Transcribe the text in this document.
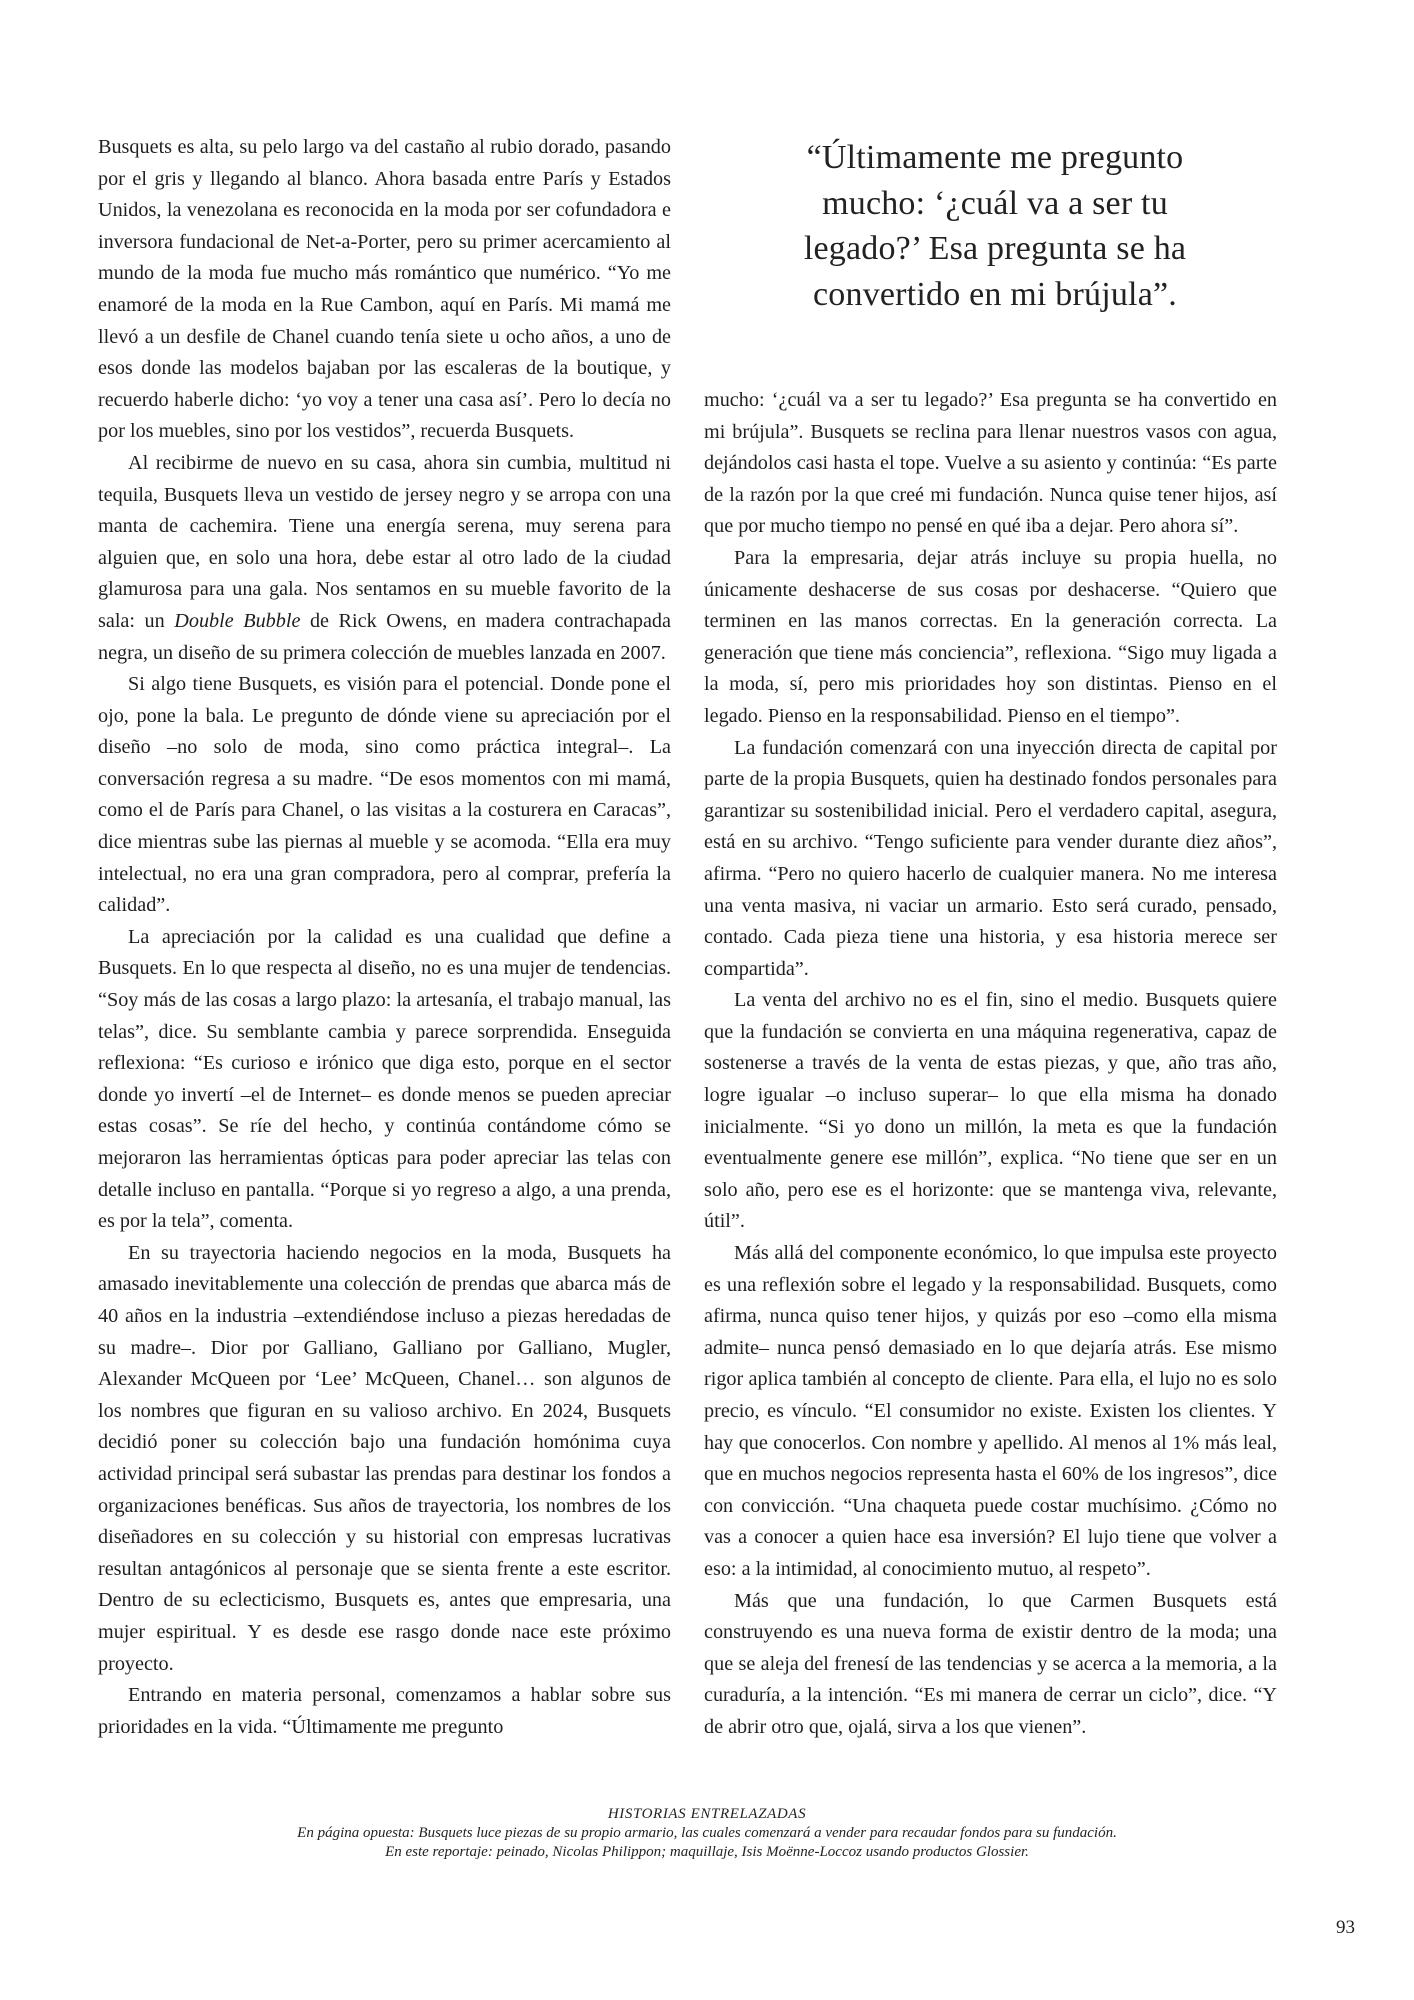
Busquets es alta, su pelo largo va del castaño al rubio dorado, pasando por el gris y llegando al blanco. Ahora basada entre París y Estados Unidos, la venezolana es reconocida en la moda por ser cofundadora e inversora fundacional de Net-a-Porter, pero su primer acercamiento al mundo de la moda fue mucho más romántico que numérico. “Yo me enamoré de la moda en la Rue Cambon, aquí en París. Mi mamá me llevó a un desfile de Chanel cuando tenía siete u ocho años, a uno de esos donde las modelos bajaban por las escaleras de la boutique, y recuerdo haberle dicho: ‘yo voy a tener una casa así’. Pero lo decía no por los muebles, sino por los vestidos”, recuerda Busquets.

Al recibirme de nuevo en su casa, ahora sin cumbia, multitud ni tequila, Busquets lleva un vestido de jersey negro y se arropa con una manta de cachemira. Tiene una energía serena, muy serena para alguien que, en solo una hora, debe estar al otro lado de la ciudad glamurosa para una gala. Nos sentamos en su mueble favorito de la sala: un Double Bubble de Rick Owens, en madera contrachapada negra, un diseño de su primera colección de muebles lanzada en 2007.

Si algo tiene Busquets, es visión para el potencial. Donde pone el ojo, pone la bala. Le pregunto de dónde viene su apreciación por el diseño –no solo de moda, sino como práctica integral–. La conversación regresa a su madre. “De esos momentos con mi mamá, como el de París para Chanel, o las visitas a la costurera en Caracas”, dice mientras sube las piernas al mueble y se acomoda. “Ella era muy intelectual, no era una gran compradora, pero al comprar, prefería la calidad”.

La apreciación por la calidad es una cualidad que define a Busquets. En lo que respecta al diseño, no es una mujer de tendencias. “Soy más de las cosas a largo plazo: la artesanía, el trabajo manual, las telas”, dice. Su semblante cambia y parece sorprendida. Enseguida reflexiona: “Es curioso e irónico que diga esto, porque en el sector donde yo invertí –el de Internet– es donde menos se pueden apreciar estas cosas”. Se ríe del hecho, y continúa contándome cómo se mejoraron las herramientas ópticas para poder apreciar las telas con detalle incluso en pantalla. “Porque si yo regreso a algo, a una prenda, es por la tela”, comenta.

En su trayectoria haciendo negocios en la moda, Busquets ha amasado inevitablemente una colección de prendas que abarca más de 40 años en la industria –extendiéndose incluso a piezas heredadas de su madre–. Dior por Galliano, Galliano por Galliano, Mugler, Alexander McQueen por ‘Lee’ McQueen, Chanel… son algunos de los nombres que figuran en su valioso archivo. En 2024, Busquets decidió poner su colección bajo una fundación homónima cuya actividad principal será subastar las prendas para destinar los fondos a organizaciones benéficas. Sus años de trayectoria, los nombres de los diseñadores en su colección y su historial con empresas lucrativas resultan antagónicos al personaje que se sienta frente a este escritor. Dentro de su eclecticismo, Busquets es, antes que empresaria, una mujer espiritual. Y es desde ese rasgo donde nace este próximo proyecto.

Entrando en materia personal, comenzamos a hablar sobre sus prioridades en la vida. “Últimamente me pregunto

“Últimamente me pregunto mucho: ‘¿cuál va a ser tu legado?’ Esa pregunta se ha convertido en mi brújula”.

mucho: ‘¿cuál va a ser tu legado?’ Esa pregunta se ha convertido en mi brújula”. Busquets se reclina para llenar nuestros vasos con agua, dejándolos casi hasta el tope. Vuelve a su asiento y continúa: “Es parte de la razón por la que creé mi fundación. Nunca quise tener hijos, así que por mucho tiempo no pensé en qué iba a dejar. Pero ahora sí”.

Para la empresaria, dejar atrás incluye su propia huella, no únicamente deshacerse de sus cosas por deshacerse. “Quiero que terminen en las manos correctas. En la generación correcta. La generación que tiene más conciencia”, reflexiona. “Sigo muy ligada a la moda, sí, pero mis prioridades hoy son distintas. Pienso en el legado. Pienso en la responsabilidad. Pienso en el tiempo”.

La fundación comenzará con una inyección directa de capital por parte de la propia Busquets, quien ha destinado fondos personales para garantizar su sostenibilidad inicial. Pero el verdadero capital, asegura, está en su archivo. “Tengo suficiente para vender durante diez años”, afirma. “Pero no quiero hacerlo de cualquier manera. No me interesa una venta masiva, ni vaciar un armario. Esto será curado, pensado, contado. Cada pieza tiene una historia, y esa historia merece ser compartida”.

La venta del archivo no es el fin, sino el medio. Busquets quiere que la fundación se convierta en una máquina regenerativa, capaz de sostenerse a través de la venta de estas piezas, y que, año tras año, logre igualar –o incluso superar– lo que ella misma ha donado inicialmente. “Si yo dono un millón, la meta es que la fundación eventualmente genere ese millón”, explica. “No tiene que ser en un solo año, pero ese es el horizonte: que se mantenga viva, relevante, útil”.

Más allá del componente económico, lo que impulsa este proyecto es una reflexión sobre el legado y la responsabilidad. Busquets, como afirma, nunca quiso tener hijos, y quizás por eso –como ella misma admite– nunca pensó demasiado en lo que dejaría atrás. Ese mismo rigor aplica también al concepto de cliente. Para ella, el lujo no es solo precio, es vínculo. “El consumidor no existe. Existen los clientes. Y hay que conocerlos. Con nombre y apellido. Al menos al 1% más leal, que en muchos negocios representa hasta el 60% de los ingresos”, dice con convicción. “Una chaqueta puede costar muchísimo. ¿Cómo no vas a conocer a quien hace esa inversión? El lujo tiene que volver a eso: a la intimidad, al conocimiento mutuo, al respeto”.

Más que una fundación, lo que Carmen Busquets está construyendo es una nueva forma de existir dentro de la moda; una que se aleja del frenesí de las tendencias y se acerca a la memoria, a la curaduría, a la intención. “Es mi manera de cerrar un ciclo”, dice. “Y de abrir otro que, ojalá, sirva a los que vienen”.

HISTORIAS ENTRELAZADAS
En página opuesta: Busquets luce piezas de su propio armario, las cuales comenzará a vender para recaudar fondos para su fundación.
En este reportaje: peinado, Nicolas Philippon; maquillaje, Isis Moënne-Loccoz usando productos Glossier.
93
